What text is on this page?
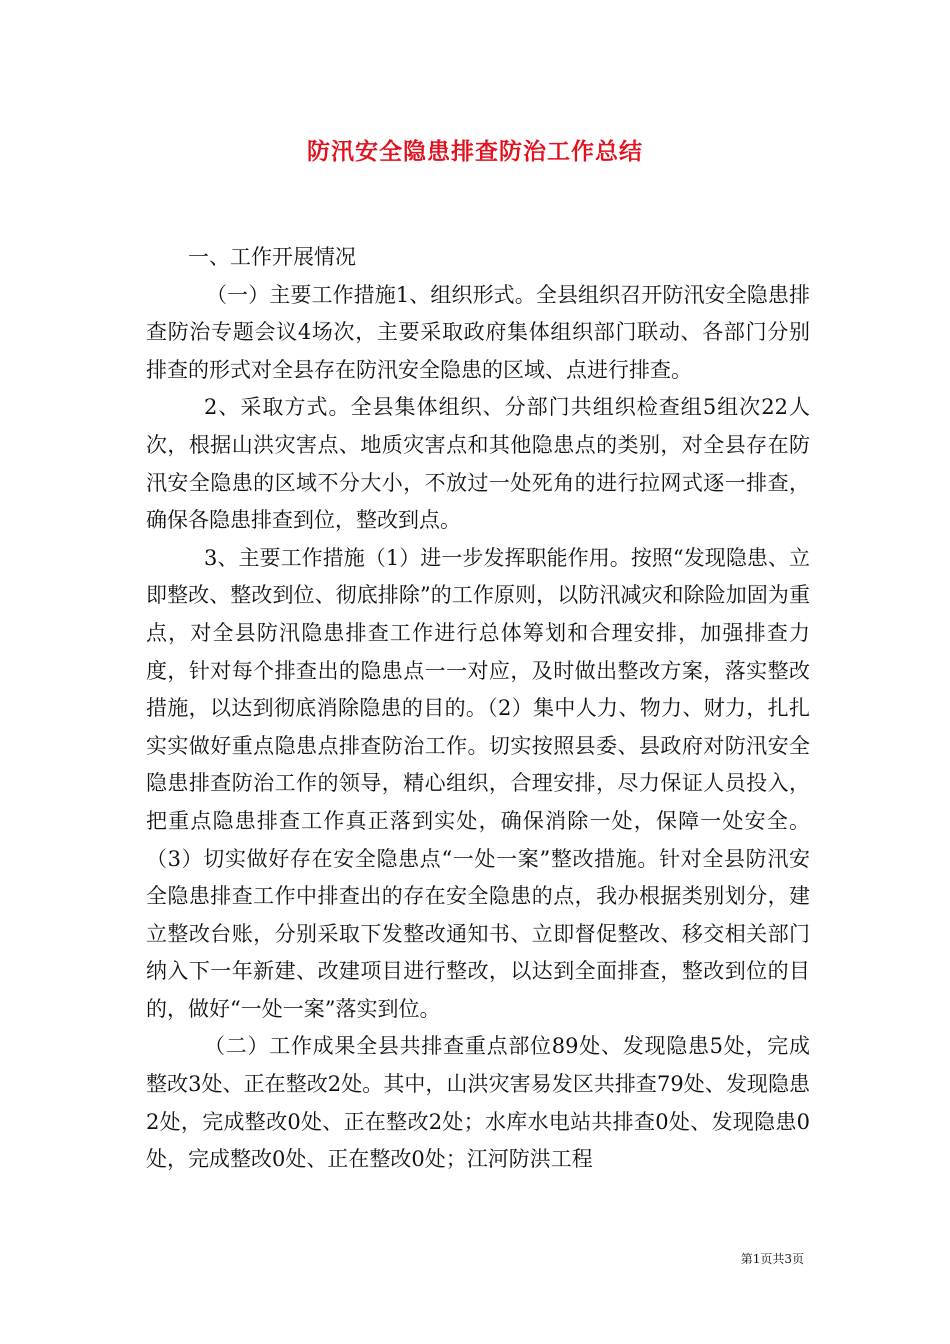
防汛安全隐患排查防治工作总结

一、工作开展情况

（一）主要工作措施1、组织形式。全县组织召开防汛安全隐患排查防治专题会议4场次，主要采取政府集体组织部门联动、各部门分别排查的形式对全县存在防汛安全隐患的区域、点进行排查。

2、采取方式。全县集体组织、分部门共组织检查组5组次22人次，根据山洪灾害点、地质灾害点和其他隐患点的类别，对全县存在防汛安全隐患的区域不分大小，不放过一处死角的进行拉网式逐一排查，确保各隐患排查到位，整改到点。

3、主要工作措施（1）进一步发挥职能作用。按照“发现隐患、立即整改、整改到位、彻底排除”的工作原则，以防汛减灾和除险加固为重点，对全县防汛隐患排查工作进行总体筹划和合理安排，加强排查力度，针对每个排查出的隐患点一一对应，及时做出整改方案，落实整改措施，以达到彻底消除隐患的目的。（2）集中人力、物力、财力，扎扎实实做好重点隐患点排查防治工作。切实按照县委、县政府对防汛安全隐患排查防治工作的领导，精心组织，合理安排，尽力保证人员投入，把重点隐患排查工作真正落到实处，确保消除一处，保障一处安全。（3）切实做好存在安全隐患点“一处一案”整改措施。针对全县防汛安全隐患排查工作中排查出的存在安全隐患的点，我办根据类别划分，建立整改台账，分别采取下发整改通知书、立即督促整改、移交相关部门纳入下一年新建、改建项目进行整改，以达到全面排查，整改到位的目的，做好“一处一案”落实到位。

（二）工作成果全县共排查重点部位89处、发现隐患5处，完成整改3处、正在整改2处。其中，山洪灾害易发区共排查79处、发现隐患2处，完成整改0处、正在整改2处；水库水电站共排查0处、发现隐患0处，完成整改0处、正在整改0处；江河防洪工程

第1页共3页
